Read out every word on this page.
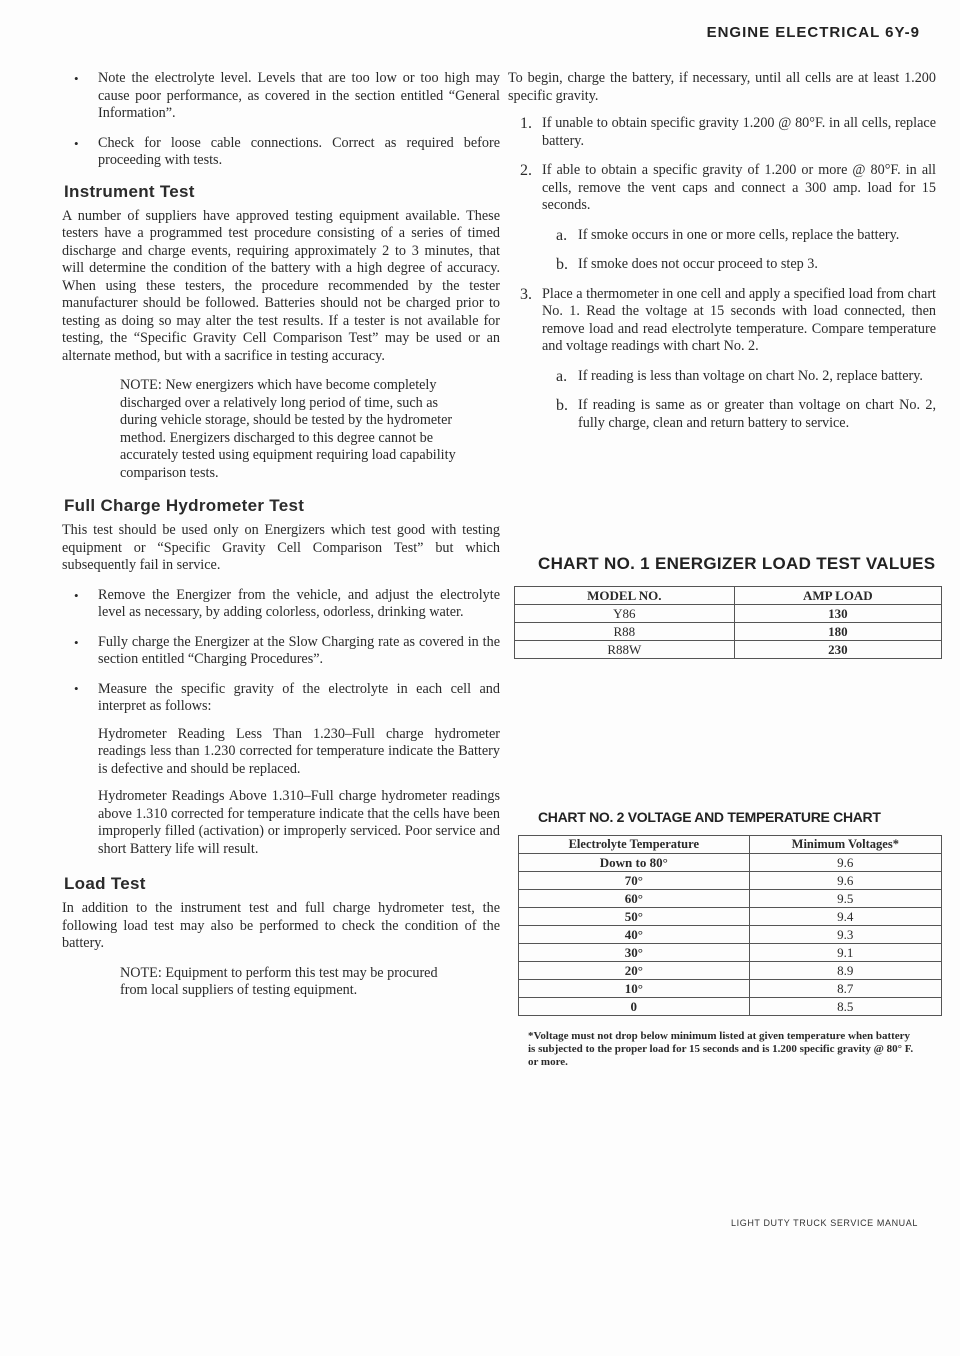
ENGINE ELECTRICAL 6Y-9

• Note the electrolyte level. Levels that are too low or too high may cause poor performance, as covered in the section entitled “General Information”.

• Check for loose cable connections. Correct as required before proceeding with tests.

Instrument Test

A number of suppliers have approved testing equipment available. These testers have a programmed test procedure consisting of a series of timed discharge and charge events, requiring approximately 2 to 3 minutes, that will determine the condition of the battery with a high degree of accuracy. When using these testers, the procedure recommended by the tester manufacturer should be followed. Batteries should not be charged prior to testing as doing so may alter the test results. If a tester is not available for testing, the “Specific Gravity Cell Comparison Test” may be used or an alternate method, but with a sacrifice in testing accuracy.

NOTE: New energizers which have become completely discharged over a relatively long period of time, such as during vehicle storage, should be tested by the hydrometer method. Energizers discharged to this degree cannot be accurately tested using equipment requiring load capability comparison tests.

Full Charge Hydrometer Test

This test should be used only on Energizers which test good with testing equipment or “Specific Gravity Cell Comparison Test” but which subsequently fail in service.

• Remove the Energizer from the vehicle, and adjust the electrolyte level as necessary, by adding colorless, odorless, drinking water.

• Fully charge the Energizer at the Slow Charging rate as covered in the section entitled “Charging Procedures”.

• Measure the specific gravity of the electrolyte in each cell and interpret as follows:

Hydrometer Reading Less Than 1.230–Full charge hydrometer readings less than 1.230 corrected for temperature indicate the Battery is defective and should be replaced.

Hydrometer Readings Above 1.310–Full charge hydrometer readings above 1.310 corrected for temperature indicate that the cells have been improperly filled (activation) or improperly serviced. Poor service and short Battery life will result.

Load Test

In addition to the instrument test and full charge hydrometer test, the following load test may also be performed to check the condition of the battery.

NOTE: Equipment to perform this test may be procured from local suppliers of testing equipment.

To begin, charge the battery, if necessary, until all cells are at least 1.200 specific gravity.

1. If unable to obtain specific gravity 1.200 @ 80°F. in all cells, replace battery.

2. If able to obtain a specific gravity of 1.200 or more @ 80°F. in all cells, remove the vent caps and connect a 300 amp. load for 15 seconds.

a. If smoke occurs in one or more cells, replace the battery.

b. If smoke does not occur proceed to step 3.

3. Place a thermometer in one cell and apply a specified load from chart No. 1. Read the voltage at 15 seconds with load connected, then remove load and read electrolyte temperature. Compare temperature and voltage readings with chart No. 2.

a. If reading is less than voltage on chart No. 2, replace battery.

b. If reading is same as or greater than voltage on chart No. 2, fully charge, clean and return battery to service.

CHART NO. 1 ENERGIZER LOAD TEST VALUES
MODEL NO.	AMP LOAD
Y86	130
R88	180
R88W	230
CHART NO. 2 VOLTAGE AND TEMPERATURE CHART
Electrolyte Temperature	Minimum Voltages*
Down to 80°	9.6
70°	9.6
60°	9.5
50°	9.4
40°	9.3
30°	9.1
20°	8.9
10°	8.7
0	8.5

*Voltage must not drop below minimum listed at given temperature when battery is subjected to the proper load for 15 seconds and is 1.200 specific gravity @ 80° F. or more.

LIGHT DUTY TRUCK SERVICE MANUAL
